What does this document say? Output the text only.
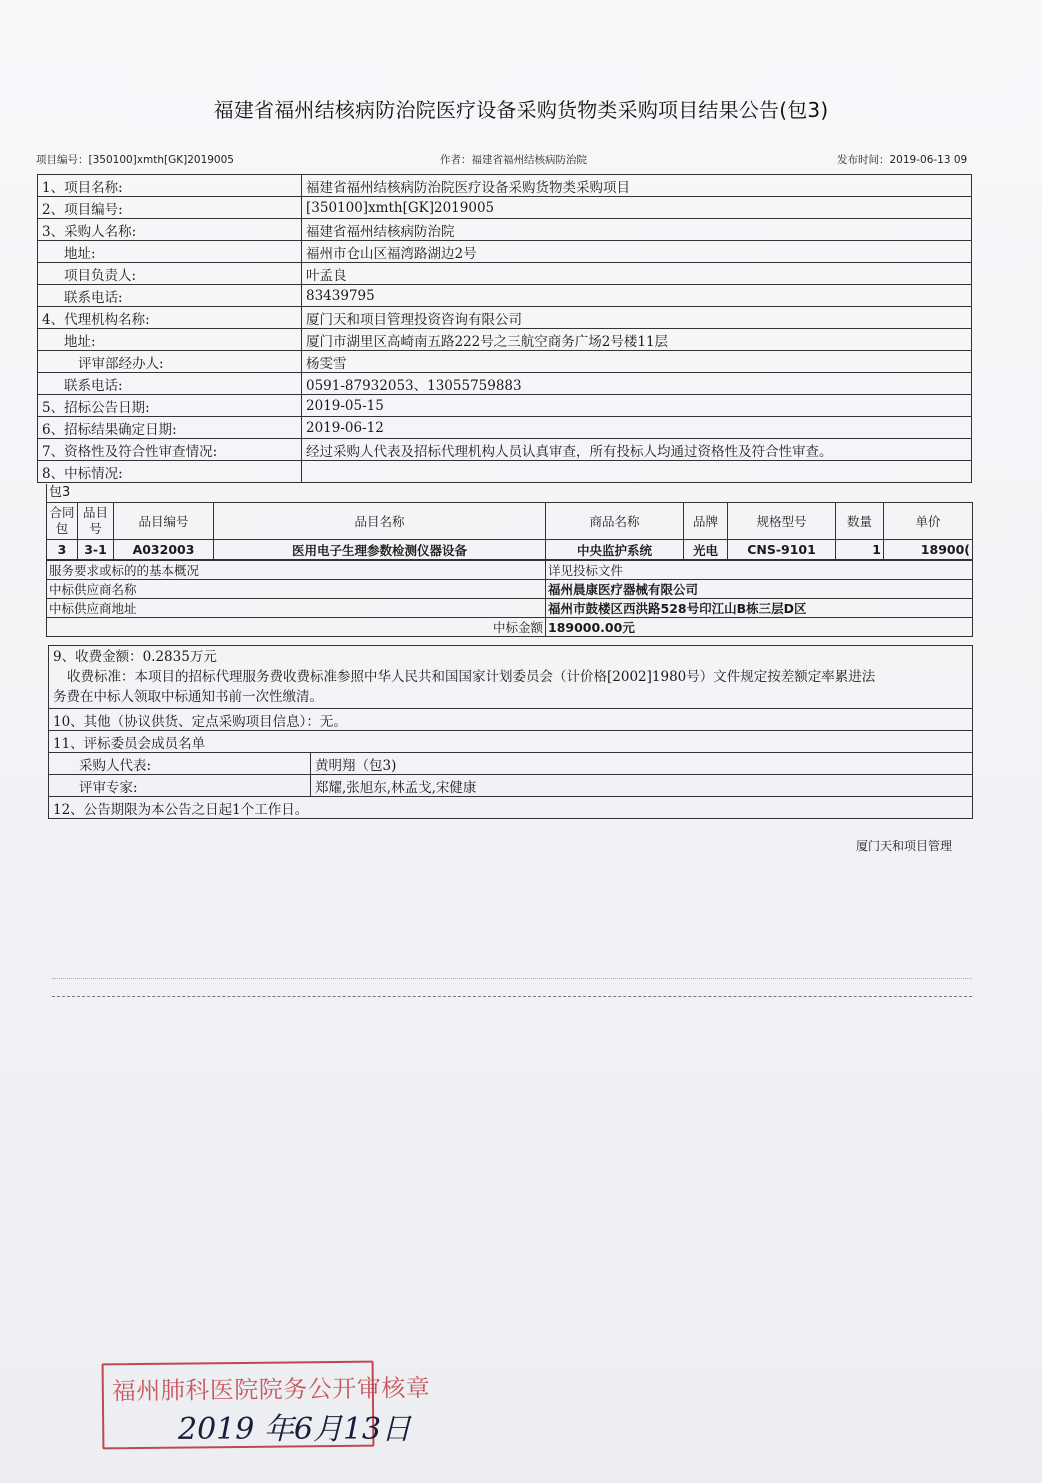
福建省福州结核病防治院医疗设备采购货物类采购项目结果公告(包3)
项目编号：[350100]xmth[GK]2019005	作者：福建省福州结核病防治院	发布时间：2019-06-13 09
1、项目名称:	福建省福州结核病防治院医疗设备采购货物类采购项目
2、项目编号:	[350100]xmth[GK]2019005
3、采购人名称:	福建省福州结核病防治院
地址:	福州市仓山区福湾路湖边2号
项目负责人:	叶孟良
联系电话:	83439795
4、代理机构名称:	厦门天和项目管理投资咨询有限公司
地址:	厦门市湖里区高崎南五路222号之三航空商务广场2号楼11层
评审部经办人:	杨雯雪
联系电话:	0591-87932053、13055759883
5、招标公告日期:	2019-05-15
6、招标结果确定日期:	2019-06-12
7、资格性及符合性审查情况:	经过采购人代表及招标代理机构人员认真审查，所有投标人均通过资格性及符合性审查。
8、中标情况:	
包3
合同包	品目号	品目编号	品目名称	商品名称	品牌	规格型号	数量	单价
3	3-1	A032003	医用电子生理参数检测仪器设备	中央监护系统	光电	CNS-9101	1	18900(
服务要求或标的的基本概况	详见投标文件
中标供应商名称	福州晨康医疗器械有限公司
中标供应商地址	福州市鼓楼区西洪路528号印江山B栋三层D区
中标金额	189000.00元
9、收费金额：0.2835万元
收费标准：本项目的招标代理服务费收费标准参照中华人民共和国国家计划委员会（计价格[2002]1980号）文件规定按差额定率累进法
务费在中标人领取中标通知书前一次性缴清。	

10、其他（协议供货、定点采购项目信息）：无。	
11、评标委员会成员名单	
采购人代表:	黄明翔（包3)
评审专家:	郑耀,张旭东,林孟戈,宋健康
12、公告期限为本公告之日起1个工作日。	
厦门天和项目管理
福州肺科医院院务公开审核章
2019 年6月13日
